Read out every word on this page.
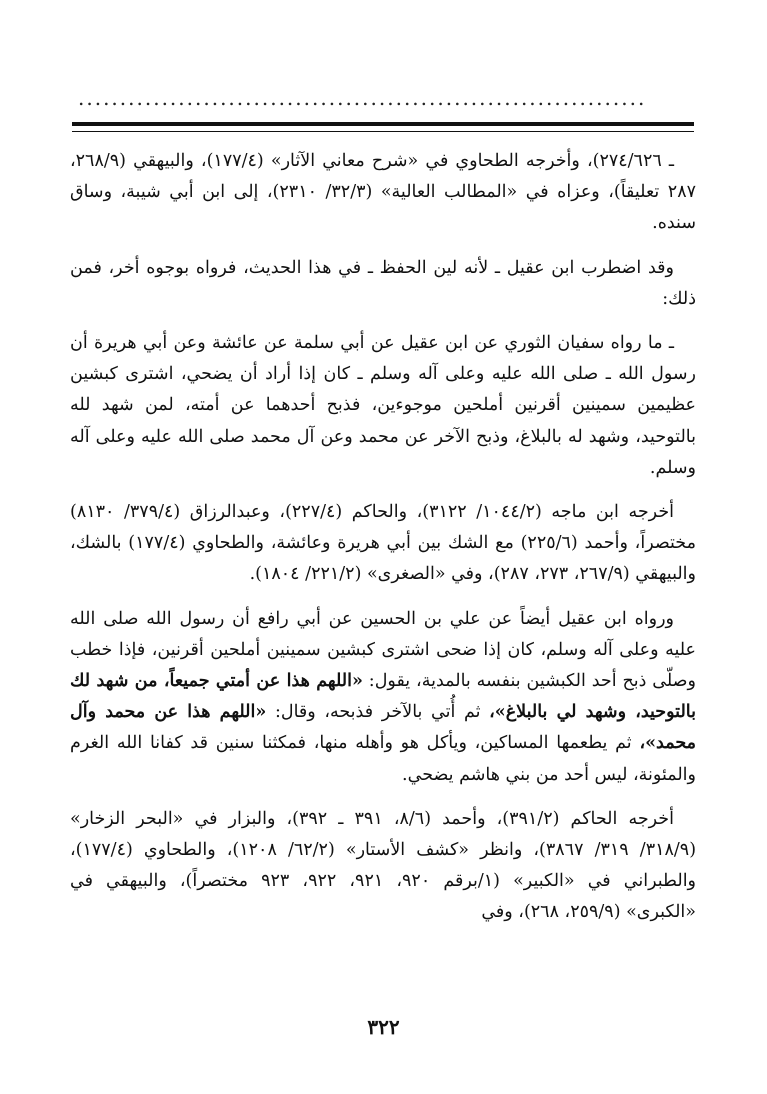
....................................................................

ـ ٢٧٤/٦٢٦)، وأخرجه الطحاوي في «شرح معاني الآثار» (١٧٧/٤)، والبيهقي (٢٦٨/٩، ٢٨٧ تعليقاً)، وعزاه في «المطالب العالية» (٣٢/٣/ ٢٣١٠)، إلى ابن أبي شيبة، وساق سنده.

وقد اضطرب ابن عقيل ـ لأنه لين الحفظ ـ في هذا الحديث، فرواه بوجوه أخر، فمن ذلك:

ـ ما رواه سفيان الثوري عن ابن عقيل عن أبي سلمة عن عائشة وعن أبي هريرة أن رسول الله ـ صلى الله عليه وعلى آله وسلم ـ كان إذا أراد أن يضحي، اشترى كبشين عظيمين سمينين أقرنين أملحين موجوءين، فذبح أحدهما عن أمته، لمن شهد لله بالتوحيد، وشهد له بالبلاغ، وذبح الآخر عن محمد وعن آل محمد صلى الله عليه وعلى آله وسلم.

أخرجه ابن ماجه (١٠٤٤/٢/ ٣١٢٢)، والحاكم (٢٢٧/٤)، وعبدالرزاق (٣٧٩/٤/ ٨١٣٠) مختصراً، وأحمد (٢٢٥/٦) مع الشك بين أبي هريرة وعائشة، والطحاوي (١٧٧/٤) بالشك، والبيهقي (٢٦٧/٩، ٢٧٣، ٢٨٧)، وفي «الصغرى» (٢٢١/٢/ ١٨٠٤).

ورواه ابن عقيل أيضاً عن علي بن الحسين عن أبي رافع أن رسول الله صلى الله عليه وعلى آله وسلم، كان إذا ضحى اشترى كبشين سمينين أملحين أقرنين، فإذا خطب وصلّى ذبح أحد الكبشين بنفسه بالمدية، يقول: «اللهم هذا عن أمتي جميعاً، من شهد لك بالتوحيد، وشهد لي بالبلاغ»، ثم أُتي بالآخر فذبحه، وقال: «اللهم هذا عن محمد وآل محمد»، ثم يطعمها المساكين، ويأكل هو وأهله منها، فمكثنا سنين قد كفانا الله الغرم والمئونة، ليس أحد من بني هاشم يضحي.

أخرجه الحاكم (٣٩١/٢)، وأحمد (٨/٦، ٣٩١ ـ ٣٩٢)، والبزار في «البحر الزخار» (٣١٨/٩/ ٣١٩/ ٣٨٦٧)، وانظر «كشف الأستار» (٦٢/٢/ ١٢٠٨)، والطحاوي (١٧٧/٤)، والطبراني في «الكبير» (١/برقم ٩٢٠، ٩٢١، ٩٢٢، ٩٢٣ مختصراً)، والبيهقي في «الكبرى» (٢٥٩/٩، ٢٦٨)، وفي

٣٢٢
